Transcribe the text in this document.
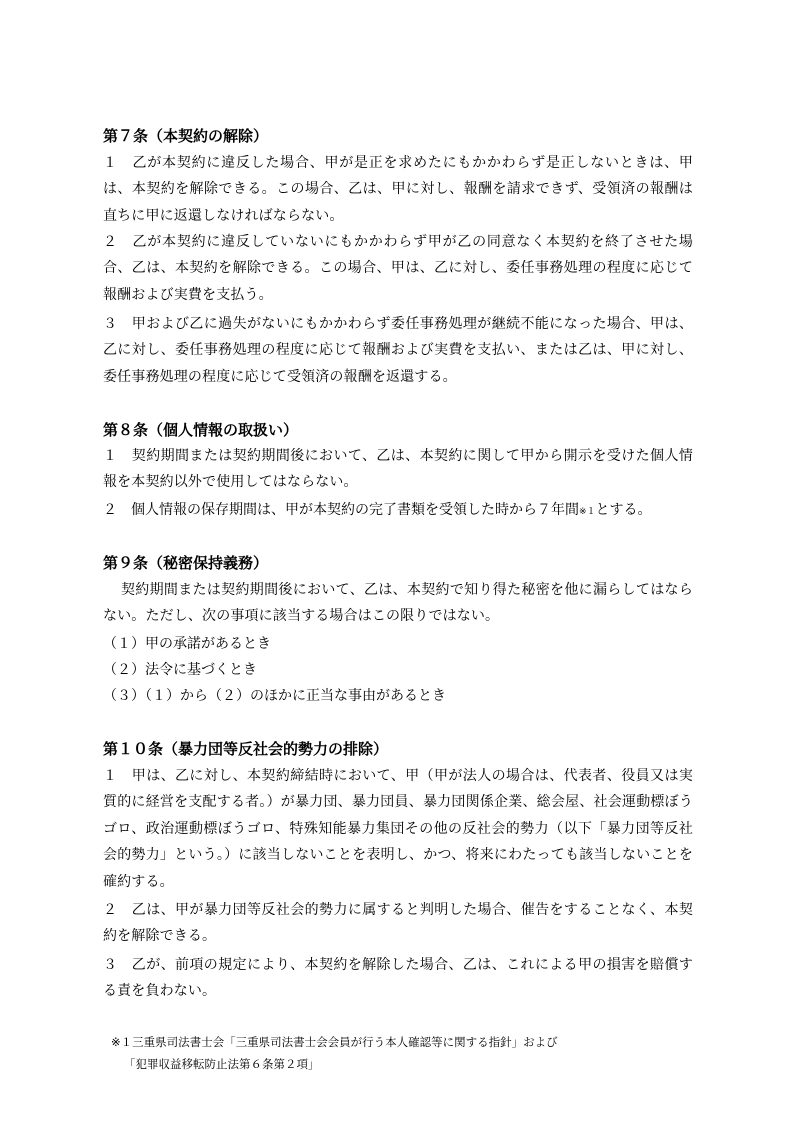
第７条（本契約の解除）
１　乙が本契約に違反した場合、甲が是正を求めたにもかかわらず是正しないときは、甲は、本契約を解除できる。この場合、乙は、甲に対し、報酬を請求できず、受領済の報酬は直ちに甲に返還しなければならない。
２　乙が本契約に違反していないにもかかわらず甲が乙の同意なく本契約を終了させた場合、乙は、本契約を解除できる。この場合、甲は、乙に対し、委任事務処理の程度に応じて報酬および実費を支払う。
３　甲および乙に過失がないにもかかわらず委任事務処理が継続不能になった場合、甲は、乙に対し、委任事務処理の程度に応じて報酬および実費を支払い、または乙は、甲に対し、委任事務処理の程度に応じて受領済の報酬を返還する。
第８条（個人情報の取扱い）
１　契約期間または契約期間後において、乙は、本契約に関して甲から開示を受けた個人情報を本契約以外で使用してはならない。
２　個人情報の保存期間は、甲が本契約の完了書類を受領した時から７年間※１とする。
第９条（秘密保持義務）
契約期間または契約期間後において、乙は、本契約で知り得た秘密を他に漏らしてはならない。ただし、次の事項に該当する場合はこの限りではない。
（１）甲の承諾があるとき
（２）法令に基づくとき
（３）（１）から（２）のほかに正当な事由があるとき
第１０条（暴力団等反社会的勢力の排除）
１　甲は、乙に対し、本契約締結時において、甲（甲が法人の場合は、代表者、役員又は実質的に経営を支配する者。）が暴力団、暴力団員、暴力団関係企業、総会屋、社会運動標ぼうゴロ、政治運動標ぼうゴロ、特殊知能暴力集団その他の反社会的勢力（以下「暴力団等反社会的勢力」という。）に該当しないことを表明し、かつ、将来にわたっても該当しないことを確約する。
２　乙は、甲が暴力団等反社会的勢力に属すると判明した場合、催告をすることなく、本契約を解除できる。
３　乙が、前項の規定により、本契約を解除した場合、乙は、これによる甲の損害を賠償する責を負わない。
※１三重県司法書士会「三重県司法書士会会員が行う本人確認等に関する指針」および
「犯罪収益移転防止法第６条第２項」
